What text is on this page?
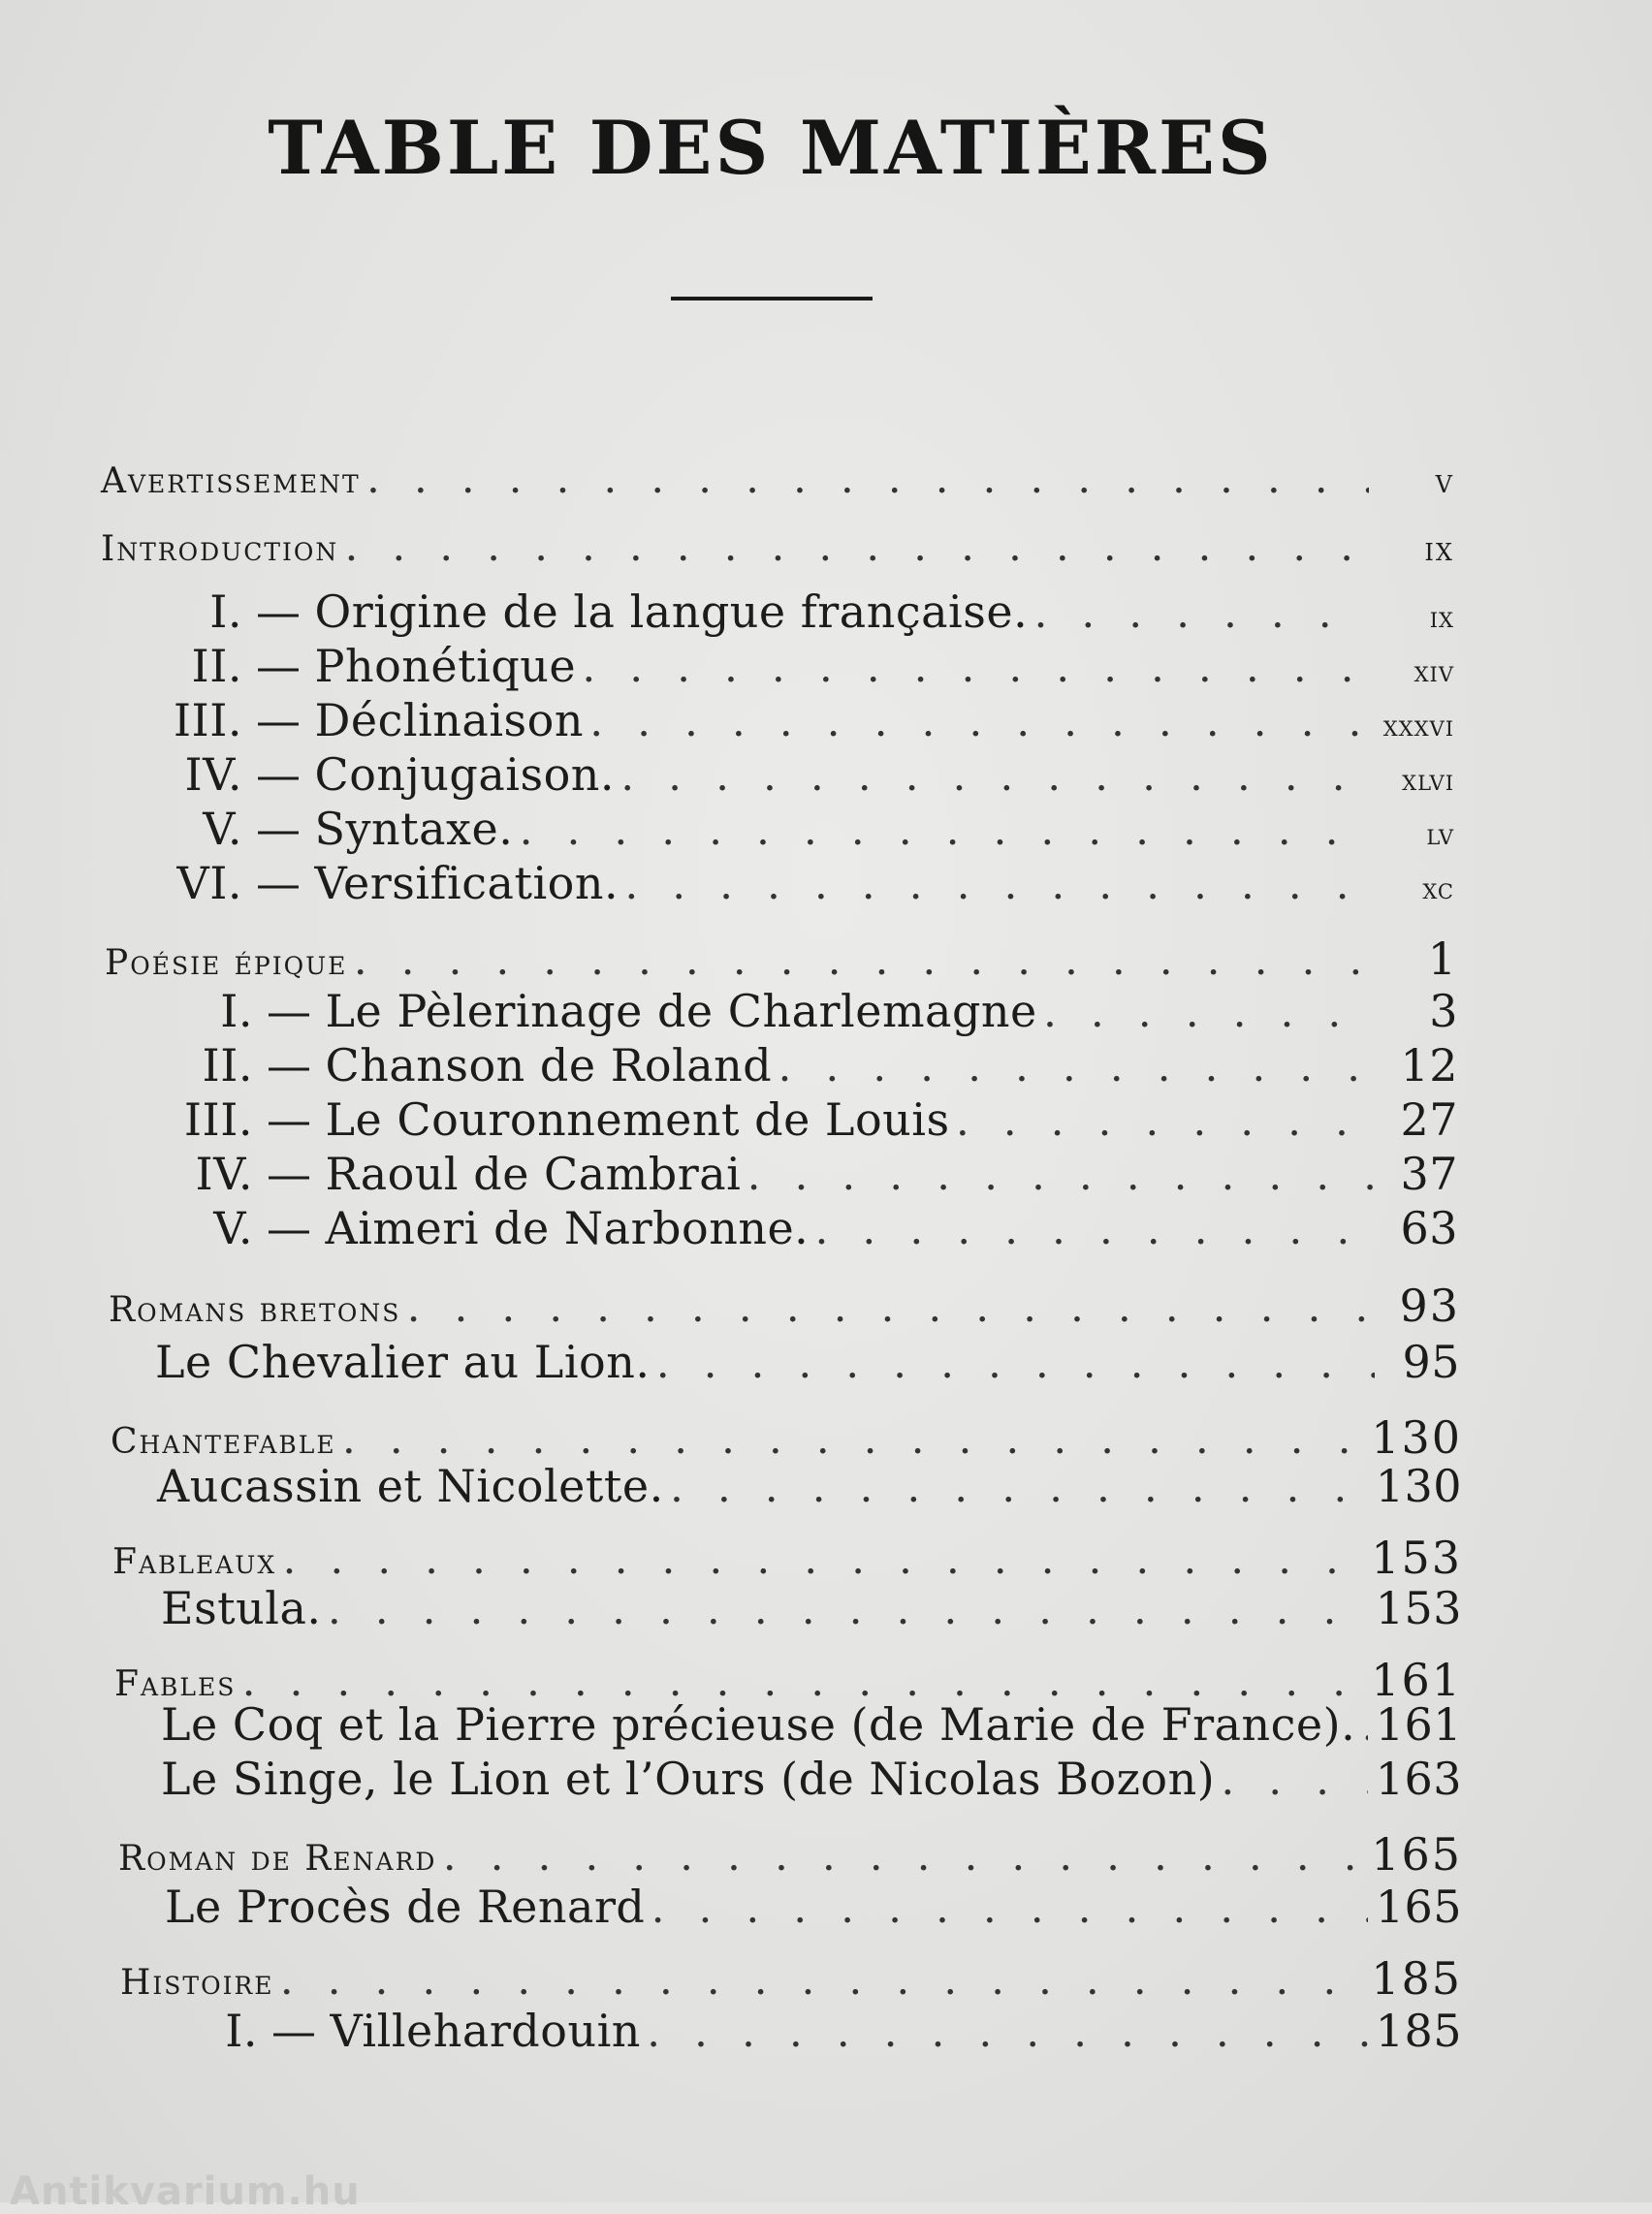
TABLE DES MATIÈRES
Avertissement . . .	v
Introduction . . .	ix
I. — Origine de la langue française. . . .	ix
II. — Phonétique . . .	xiv
III. — Déclinaison . . .	xxxvi
IV. — Conjugaison. . . .	xlvi
V. — Syntaxe. . . .	lv
VI. — Versification. . . .	xc
Poésie épique . . .	1
I. — Le Pèlerinage de Charlemagne . . .	3
II. — Chanson de Roland . . .	12
III. — Le Couronnement de Louis . . .	27
IV. — Raoul de Cambrai . . .	37
V. — Aimeri de Narbonne. . . .	63
Romans bretons . . .	93
Le Chevalier au Lion. . . .	95
Chantefable . . .	130
Aucassin et Nicolette. . . .	130
Fableaux . . .	153
Estula. . . .	153
Fables . . .	161
Le Coq et la Pierre précieuse (de Marie de France). . . . 161
Le Singe, le Lion et l’Ours (de Nicolas Bozon) . . .	163
Roman de Renard . . .	165
Le Procès de Renard . . .	165
Histoire . . .	185
I. — Villehardouin . . .	185
Antikvarium.hu
